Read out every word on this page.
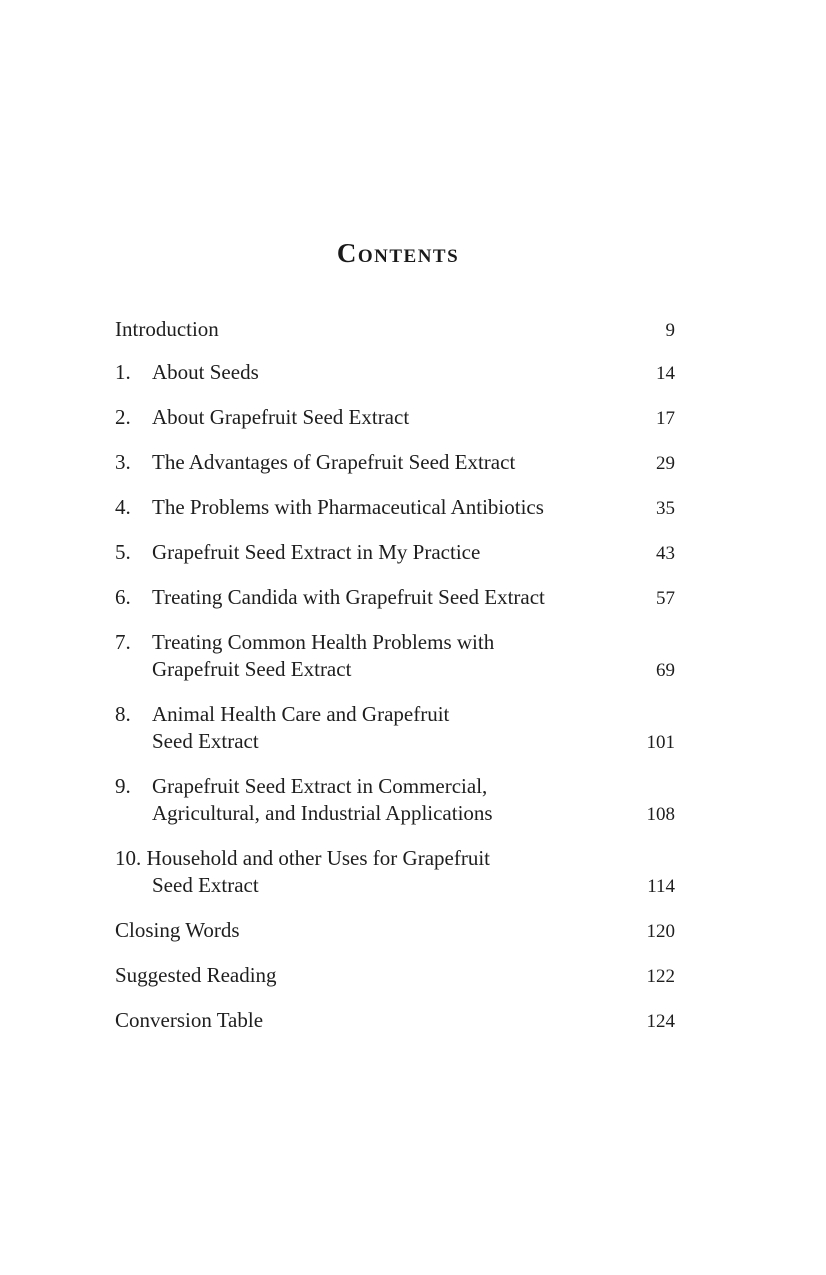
Contents
Introduction	9
1.	About Seeds	14
2.	About Grapefruit Seed Extract	17
3.	The Advantages of Grapefruit Seed Extract	29
4.	The Problems with Pharmaceutical Antibiotics	35
5.	Grapefruit Seed Extract in My Practice	43
6.	Treating Candida with Grapefruit Seed Extract	57
7.	Treating Common Health Problems with
Grapefruit Seed Extract	69
8.	Animal Health Care and Grapefruit
Seed Extract	101
9.	Grapefruit Seed Extract in Commercial,
Agricultural, and Industrial Applications	108
10. Household and other Uses for Grapefruit
Seed Extract	114
Closing Words	120
Suggested Reading	122
Conversion Table	124
